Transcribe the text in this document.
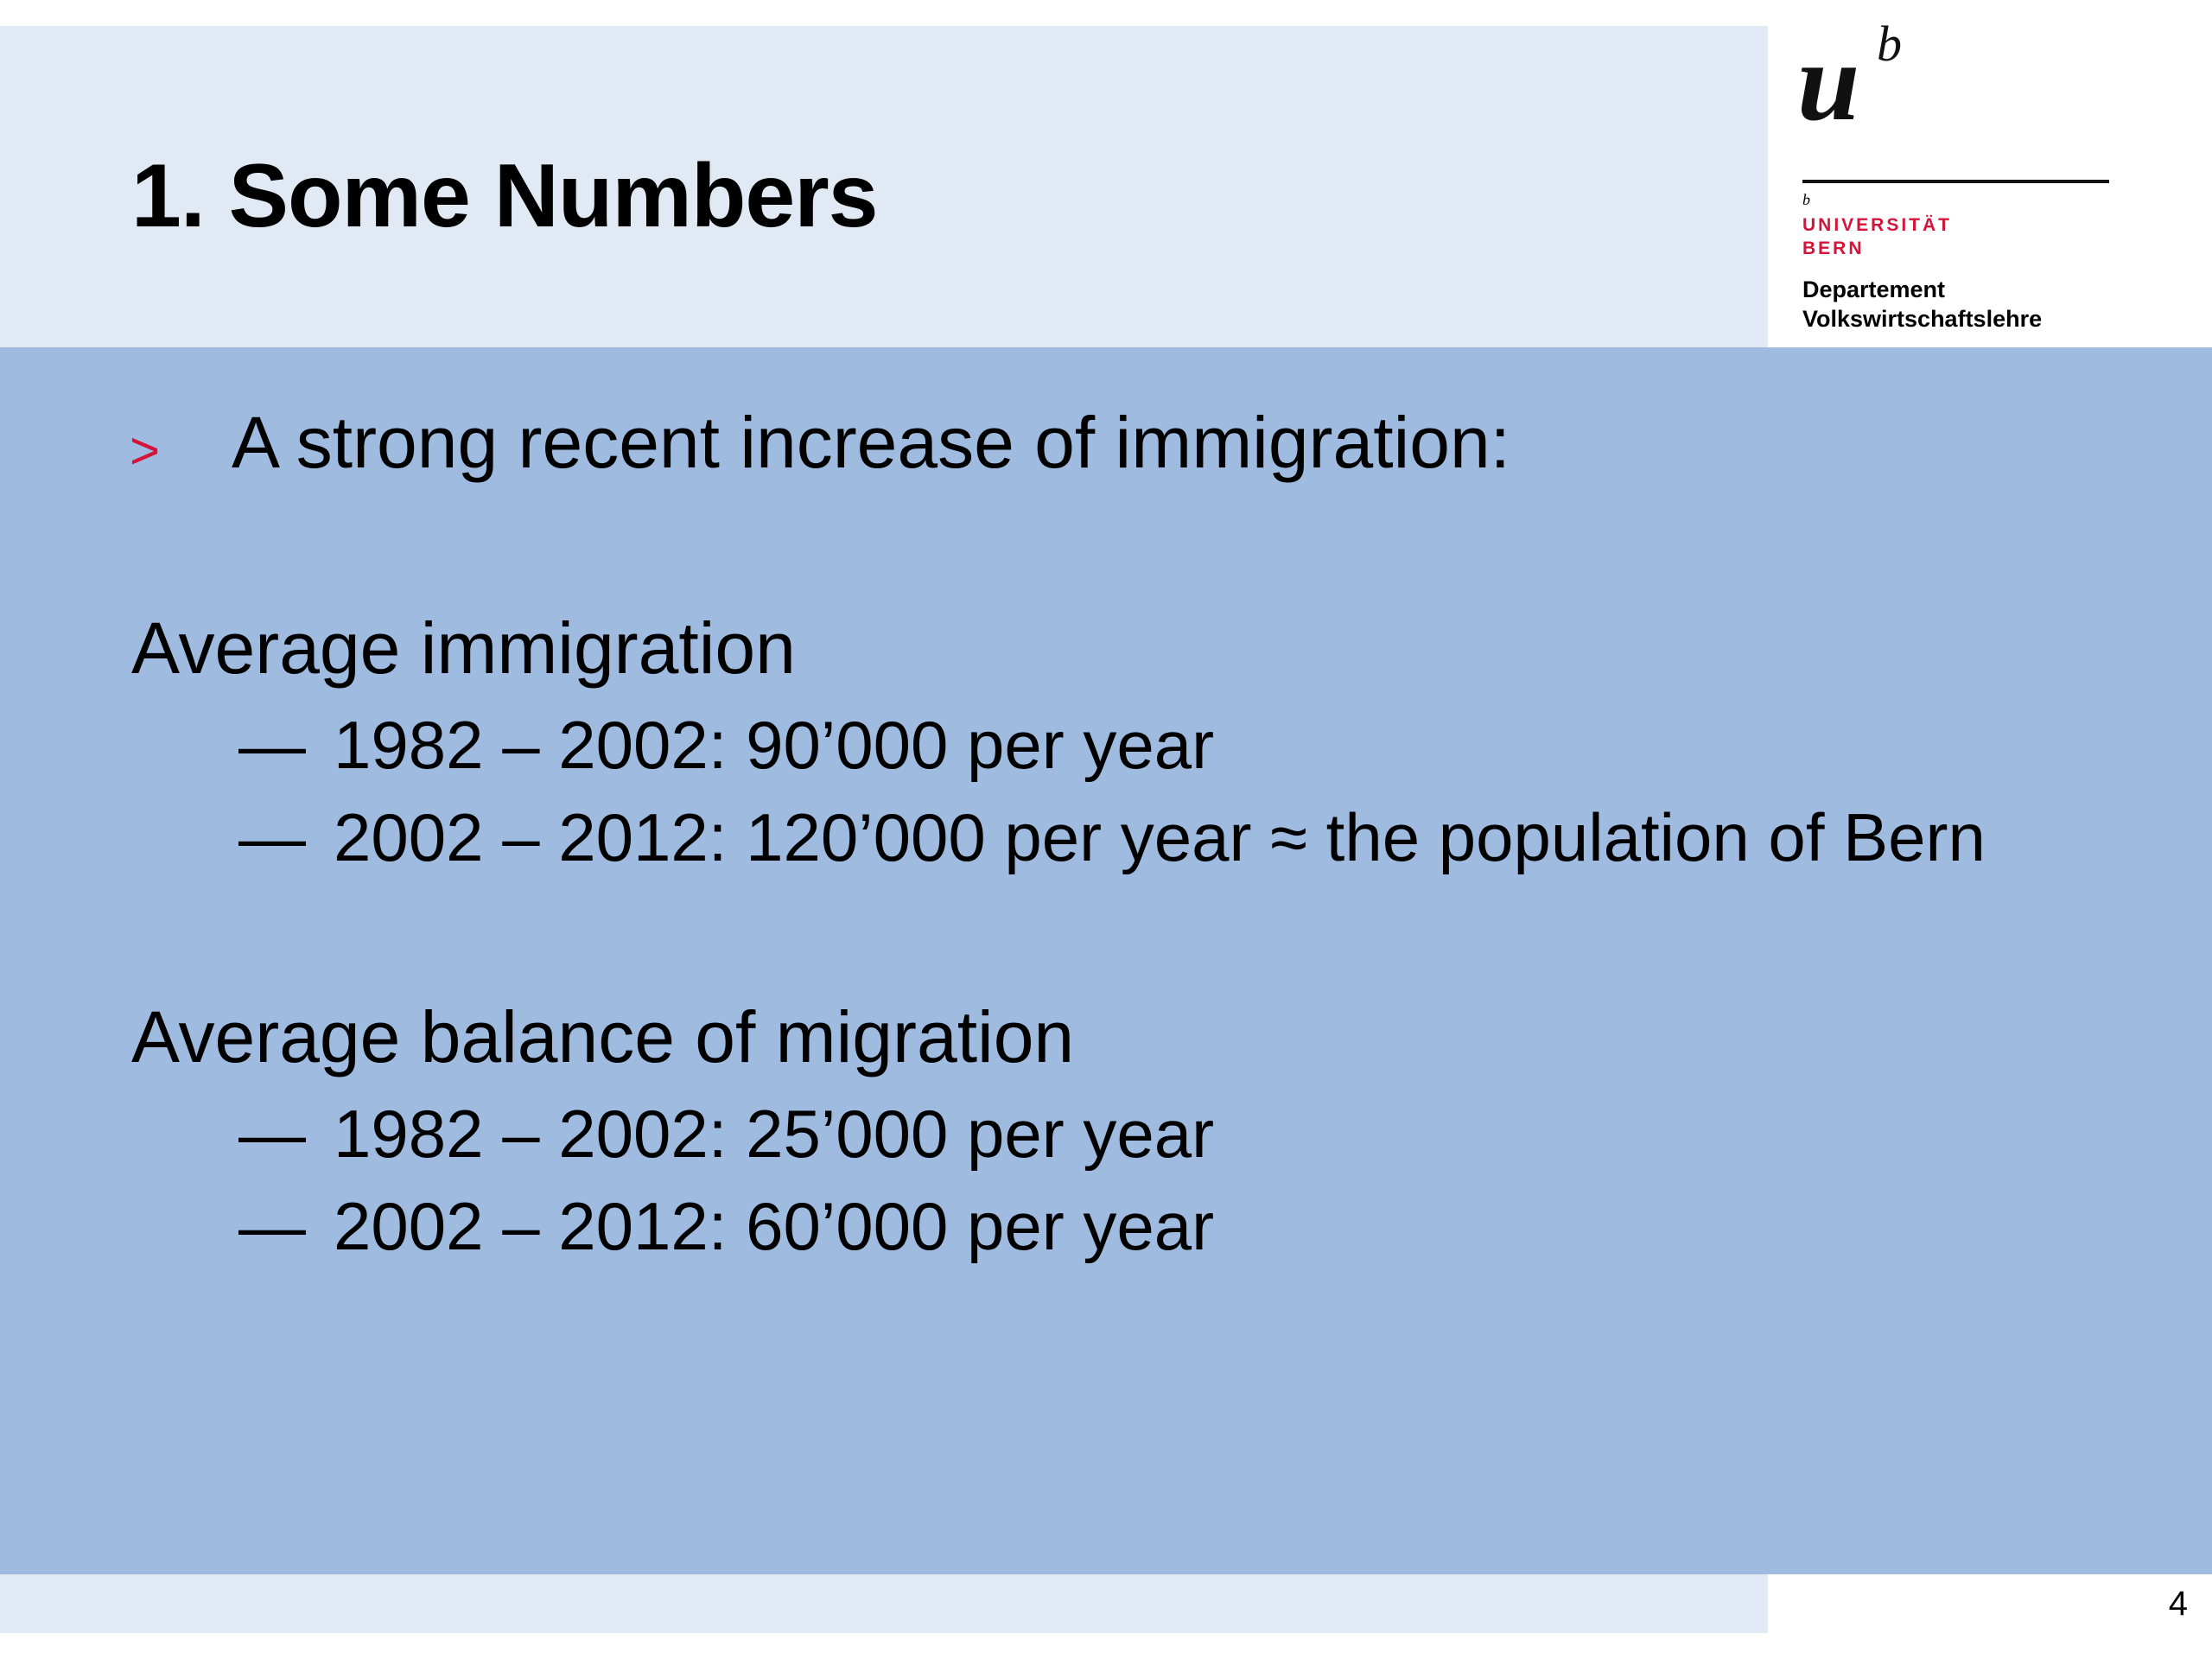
1. Some Numbers
u b
b
UNIVERSITÄT
BERN
Departement
Volkswirtschaftslehre
> A strong recent increase of immigration:
Average immigration
— 1982 – 2002: 90’000 per year
— 2002 – 2012: 120’000 per year ≈ the population of Bern
Average balance of migration
— 1982 – 2002: 25’000 per year
— 2002 – 2012: 60’000 per year
4
